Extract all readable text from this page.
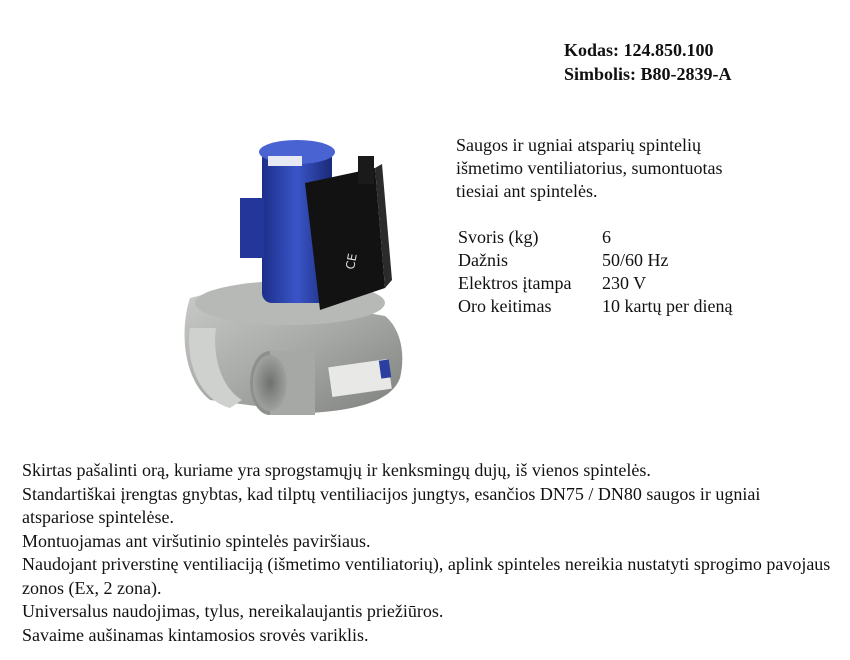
Kodas: 124.850.100
Simbolis: B80-2839-A
CE
Saugos ir ugniai atsparių spintelių
išmetimo ventiliatorius, sumontuotas
tiesiai ant spintelės.
Svoris (kg)	6
Dažnis	50/60 Hz
Elektros įtampa	230 V
Oro keitimas	10 kartų per dieną
Skirtas pašalinti orą, kuriame yra sprogstamųjų ir kenksmingų dujų, iš vienos spintelės.
Standartiškai įrengtas gnybtas, kad tilptų ventiliacijos jungtys, esančios DN75 / DN80 saugos ir ugniai atspariose spintelėse.
Montuojamas ant viršutinio spintelės paviršiaus.
Naudojant priverstinę ventiliaciją (išmetimo ventiliatorių), aplink spinteles nereikia nustatyti sprogimo pavojaus zonos (Ex, 2 zona).
Universalus naudojimas, tylus, nereikalaujantis priežiūros.
Savaime aušinamas kintamosios srovės variklis.
